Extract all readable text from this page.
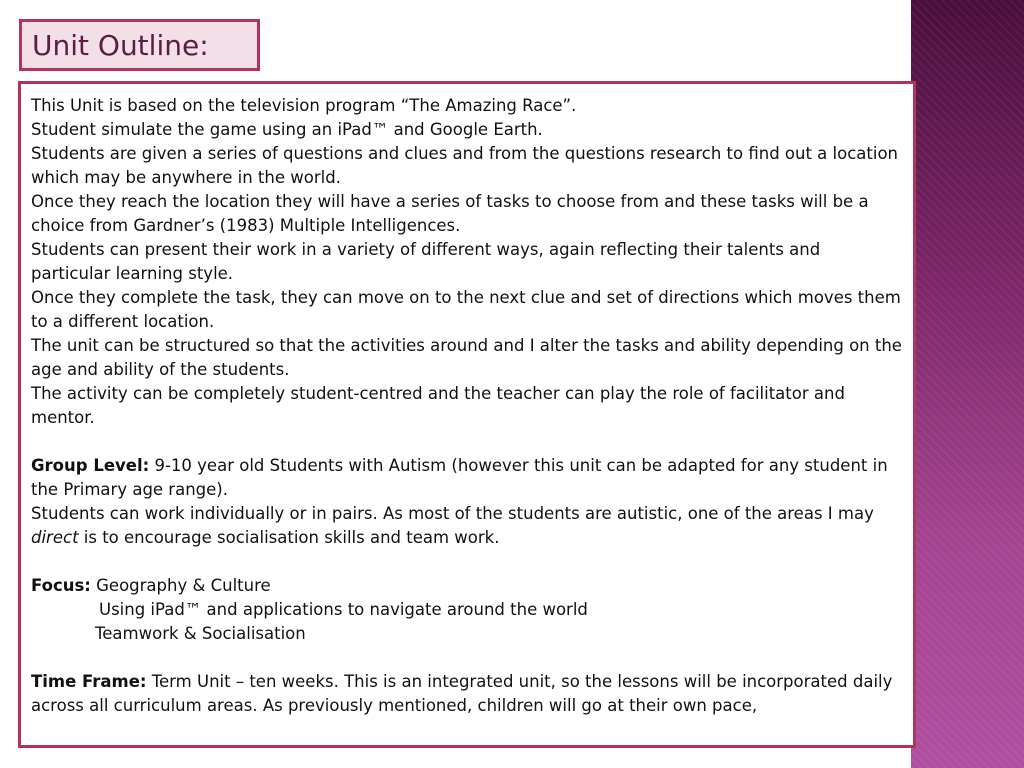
Unit Outline:

This Unit is based on the television program “The Amazing Race”.

Student simulate the game using an iPad™ and Google Earth.

Students are given a series of questions and clues and from the questions research to find out a location which may be anywhere in the world.

Once they reach the location they will have a series of tasks to choose from and these tasks will be a choice from Gardner’s (1983) Multiple Intelligences.

Students can present their work in a variety of different ways, again reflecting their talents and particular learning style.

Once they complete the task, they can move on to the next clue and set of directions which moves them to a different location.

The unit can be structured so that the activities around and I alter the tasks and ability depending on the age and ability of the students.

The activity can be completely student-centred and the teacher can play the role of facilitator and mentor.

Group Level: 9-10 year old Students with Autism (however this unit can be adapted for any student in the Primary age range).

Students can work individually or in pairs. As most of the students are autistic, one of the areas I may direct is to encourage socialisation skills and team work.

Focus: Geography & Culture

Using iPad™ and applications to navigate around the world

Teamwork & Socialisation

Time Frame: Term Unit – ten weeks. This is an integrated unit, so the lessons will be incorporated daily across all curriculum areas. As previously mentioned, children will go at their own pace,
